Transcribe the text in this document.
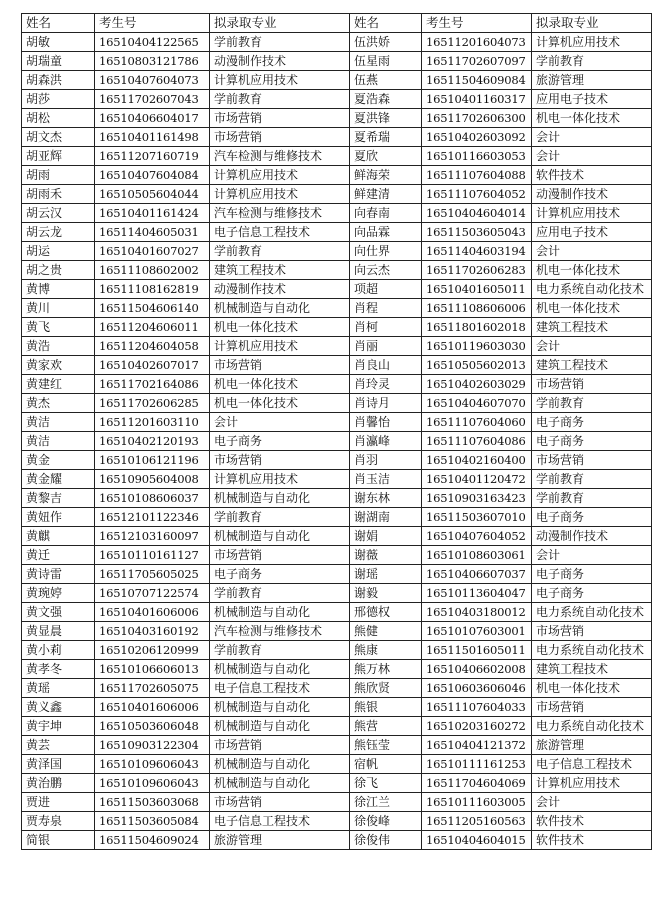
姓名	考生号	拟录取专业	姓名	考生号	拟录取专业
胡敏	16510404122565	学前教育	伍洪娇	16511201604073	计算机应用技术
胡瑞童	16510803121786	动漫制作技术	伍星雨	16511702607097	学前教育
胡森洪	16510407604073	计算机应用技术	伍燕	16511504609084	旅游管理
胡莎	16511702607043	学前教育	夏浩森	16510401160317	应用电子技术
胡松	16510406604017	市场营销	夏洪锋	16511702606300	机电一体化技术
胡文杰	16510401161498	市场营销	夏希瑞	16510402603092	会计
胡亚辉	16511207160719	汽车检测与维修技术	夏欣	16510116603053	会计
胡雨	16510407604084	计算机应用技术	鲜海荣	16511107604088	软件技术
胡雨禾	16510505604044	计算机应用技术	鲜建清	16511107604052	动漫制作技术
胡云汉	16510401161424	汽车检测与维修技术	向春南	16510404604014	计算机应用技术
胡云龙	16511404605031	电子信息工程技术	向品霖	16511503605043	应用电子技术
胡运	16510401607027	学前教育	向仕界	16511404603194	会计
胡之贵	16511108602002	建筑工程技术	向云杰	16511702606283	机电一体化技术
黄博	16511108162819	动漫制作技术	项超	16510401605011	电力系统自动化技术
黄川	16511504606140	机械制造与自动化	肖程	16511108606006	机电一体化技术
黄飞	16511204606011	机电一体化技术	肖柯	16511801602018	建筑工程技术
黄浩	16511204604058	计算机应用技术	肖丽	16510119603030	会计
黄家欢	16510402607017	市场营销	肖良山	16510505602013	建筑工程技术
黄建红	16511702164086	机电一体化技术	肖玲灵	16510402603029	市场营销
黄杰	16511702606285	机电一体化技术	肖诗月	16510404607070	学前教育
黄洁	16511201603110	会计	肖馨怡	16511107604060	电子商务
黄洁	16510402120193	电子商务	肖瀛峰	16511107604086	电子商务
黄金	16510106121196	市场营销	肖羽	16510402160400	市场营销
黄金耀	16510905604008	计算机应用技术	肖玉洁	16510401120472	学前教育
黄黎吉	16510108606037	机械制造与自动化	谢东林	16510903163423	学前教育
黄妞作	16512101122346	学前教育	谢湖南	16511503607010	电子商务
黄麒	16512103160097	机械制造与自动化	谢娟	16510407604052	动漫制作技术
黄迁	16510110161127	市场营销	谢薇	16510108603061	会计
黄诗雷	16511705605025	电子商务	谢瑶	16510406607037	电子商务
黄琬婷	16510707122574	学前教育	谢毅	16510113604047	电子商务
黄文强	16510401606006	机械制造与自动化	邢德权	16510403180012	电力系统自动化技术
黄显晨	16510403160192	汽车检测与维修技术	熊健	16510107603001	市场营销
黄小莉	16510206120999	学前教育	熊康	16511501605011	电力系统自动化技术
黄孝冬	16510106606013	机械制造与自动化	熊万林	16510406602008	建筑工程技术
黄瑶	16511702605075	电子信息工程技术	熊欣贤	16510603606046	机电一体化技术
黄义鑫	16510401606006	机械制造与自动化	熊银	16511107604033	市场营销
黄宇坤	16510503606048	机械制造与自动化	熊营	16510203160272	电力系统自动化技术
黄芸	16510903122304	市场营销	熊钰莹	16510404121372	旅游管理
黄泽国	16510109606043	机械制造与自动化	宿帆	16510111161253	电子信息工程技术
黄治鹏	16510109606043	机械制造与自动化	徐飞	16511704604069	计算机应用技术
贾进	16511503603068	市场营销	徐江兰	16510111603005	会计
贾寿泉	16511503605084	电子信息工程技术	徐俊峰	16511205160563	软件技术
简银	16511504609024	旅游管理	徐俊伟	16510404604015	软件技术
